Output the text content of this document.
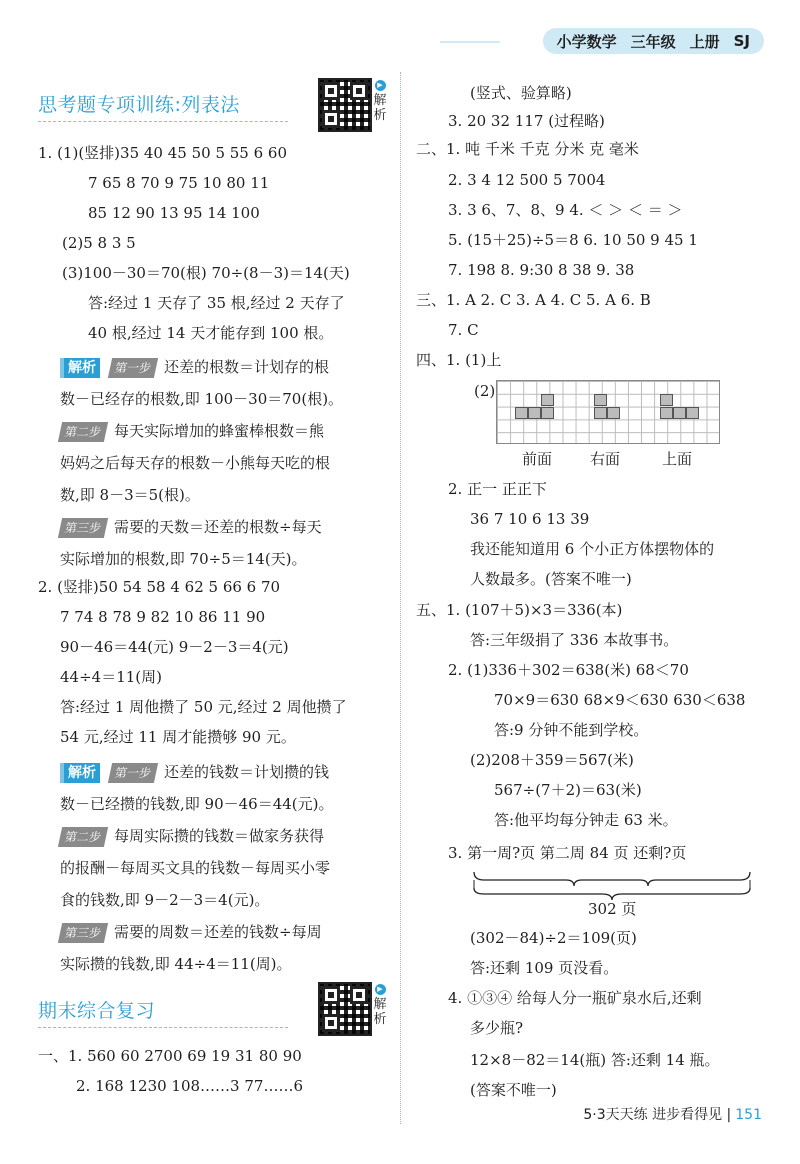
小学数学 三年级 上册 SJ
思考题专项训练:列表法
▶
解析
1. (1)(竖排)35 40 45 50 5 55 6 60
7 65 8 70 9 75 10 80 11
85 12 90 13 95 14 100
(2)5 8 3 5
(3)100－30＝70(根) 70÷(8－3)＝14(天)
答:经过 1 天存了 35 根,经过 2 天存了
40 根,经过 14 天才能存到 100 根。
解析 第一步 还差的根数＝计划存的根
数－已经存的根数,即 100－30＝70(根)。
第二步 每天实际增加的蜂蜜棒根数＝熊
妈妈之后每天存的根数－小熊每天吃的根
数,即 8－3＝5(根)。
第三步 需要的天数＝还差的根数÷每天
实际增加的根数,即 70÷5＝14(天)。
2. (竖排)50 54 58 4 62 5 66 6 70
7 74 8 78 9 82 10 86 11 90
90－46＝44(元) 9－2－3＝4(元)
44÷4＝11(周)
答:经过 1 周他攒了 50 元,经过 2 周他攒了
54 元,经过 11 周才能攒够 90 元。
解析 第一步 还差的钱数＝计划攒的钱
数－已经攒的钱数,即 90－46＝44(元)。
第二步 每周实际攒的钱数＝做家务获得
的报酬－每周买文具的钱数－每周买小零
食的钱数,即 9－2－3＝4(元)。
第三步 需要的周数＝还差的钱数÷每周
实际攒的钱数,即 44÷4＝11(周)。
期末综合复习
▶
解析
一、1. 560 60 2700 69 19 31 80 90
2. 168 1230 108……3 77……6
(竖式、验算略)
3. 20 32 117 (过程略)
二、1. 吨 千米 千克 分米 克 毫米
2. 3 4 12 500 5 7004
3. 3 6、7、8、9 4. ＜ ＞ ＜ ＝ ＞
5. (15＋25)÷5＝8 6. 10 50 9 45 1
7. 198 8. 9:30 8 38 9. 38
三、1. A 2. C 3. A 4. C 5. A 6. B
7. C
四、1. (1)上
(2)
前面	右面	上面
2. 正一 正正下
36 7 10 6 13 39
我还能知道用 6 个小正方体摆物体的
人数最多。(答案不唯一)
五、1. (107＋5)×3＝336(本)
答:三年级捐了 336 本故事书。
2. (1)336＋302＝638(米) 68＜70
70×9＝630 68×9＜630 630＜638
答:9 分钟不能到学校。
(2)208＋359＝567(米)
567÷(7＋2)＝63(米)
答:他平均每分钟走 63 米。
3. 第一周?页 第二周 84 页 还剩?页
302 页
(302－84)÷2＝109(页)
答:还剩 109 页没看。
4. ①③④ 给每人分一瓶矿泉水后,还剩
多少瓶?
12×8－82＝14(瓶) 答:还剩 14 瓶。
(答案不唯一)
5·3天天练 进步看得见 | 151
